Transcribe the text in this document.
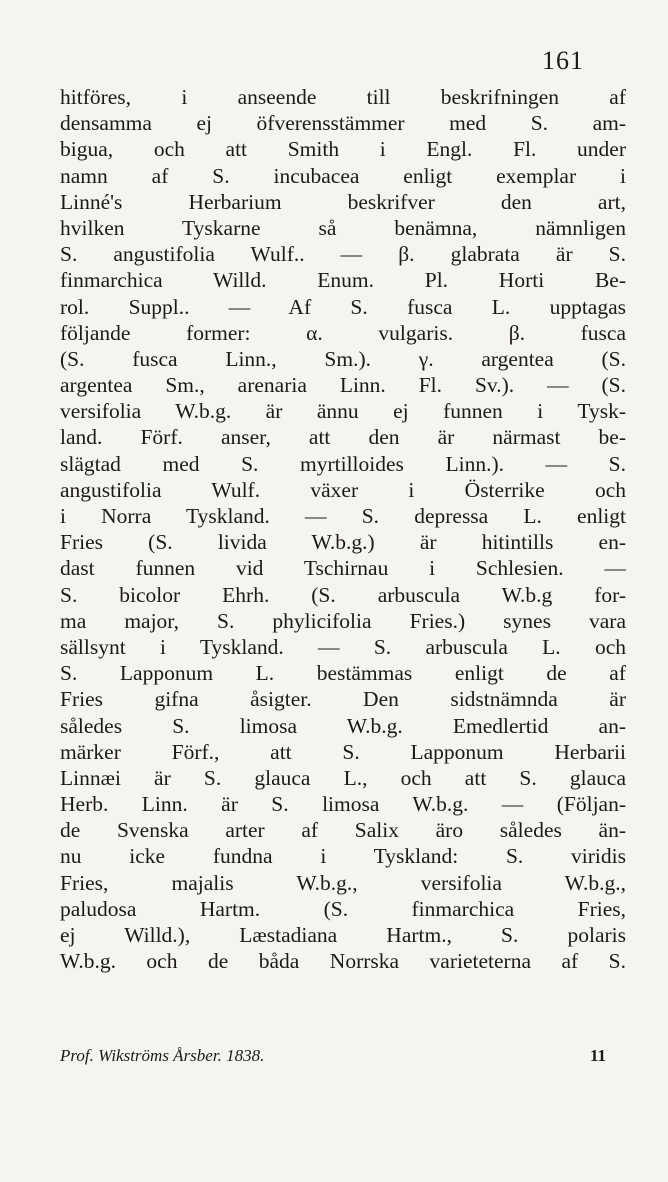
161
hitföres, i anseende till beskrifningen af
densamma ej öfverensstämmer med S. am-
bigua, och att Smith i Engl. Fl. under
namn af S. incubacea enligt exemplar i
Linné's Herbarium beskrifver den art,
hvilken Tyskarne så benämna, nämnligen
S. angustifolia Wulf.. — β. glabrata är S.
finmarchica Willd. Enum. Pl. Horti Be-
rol. Suppl.. — Af S. fusca L. upptagas
följande former: α. vulgaris. β. fusca
(S. fusca Linn., Sm.). γ. argentea (S.
argentea Sm., arenaria Linn. Fl. Sv.). — (S.
versifolia W.b.g. är ännu ej funnen i Tysk-
land. Förf. anser, att den är närmast be-
slägtad med S. myrtilloides Linn.). — S.
angustifolia Wulf. växer i Österrike och
i Norra Tyskland. — S. depressa L. enligt
Fries (S. livida W.b.g.) är hitintills en-
dast funnen vid Tschirnau i Schlesien. —
S. bicolor Ehrh. (S. arbuscula W.b.g for-
ma major, S. phylicifolia Fries.) synes vara
sällsynt i Tyskland. — S. arbuscula L. och
S. Lapponum L. bestämmas enligt de af
Fries gifna åsigter. Den sidstnämnda är
således S. limosa W.b.g. Emedlertid an-
märker Förf., att S. Lapponum Herbarii
Linnæi är S. glauca L., och att S. glauca
Herb. Linn. är S. limosa W.b.g. — (Följan-
de Svenska arter af Salix äro således än-
nu icke fundna i Tyskland: S. viridis
Fries, majalis W.b.g., versifolia W.b.g.,
paludosa Hartm. (S. finmarchica Fries,
ej Willd.), Læstadiana Hartm., S. polaris
W.b.g. och de båda Norrska varieteterna af S.
Prof. Wikströms Årsber. 1838.	11
